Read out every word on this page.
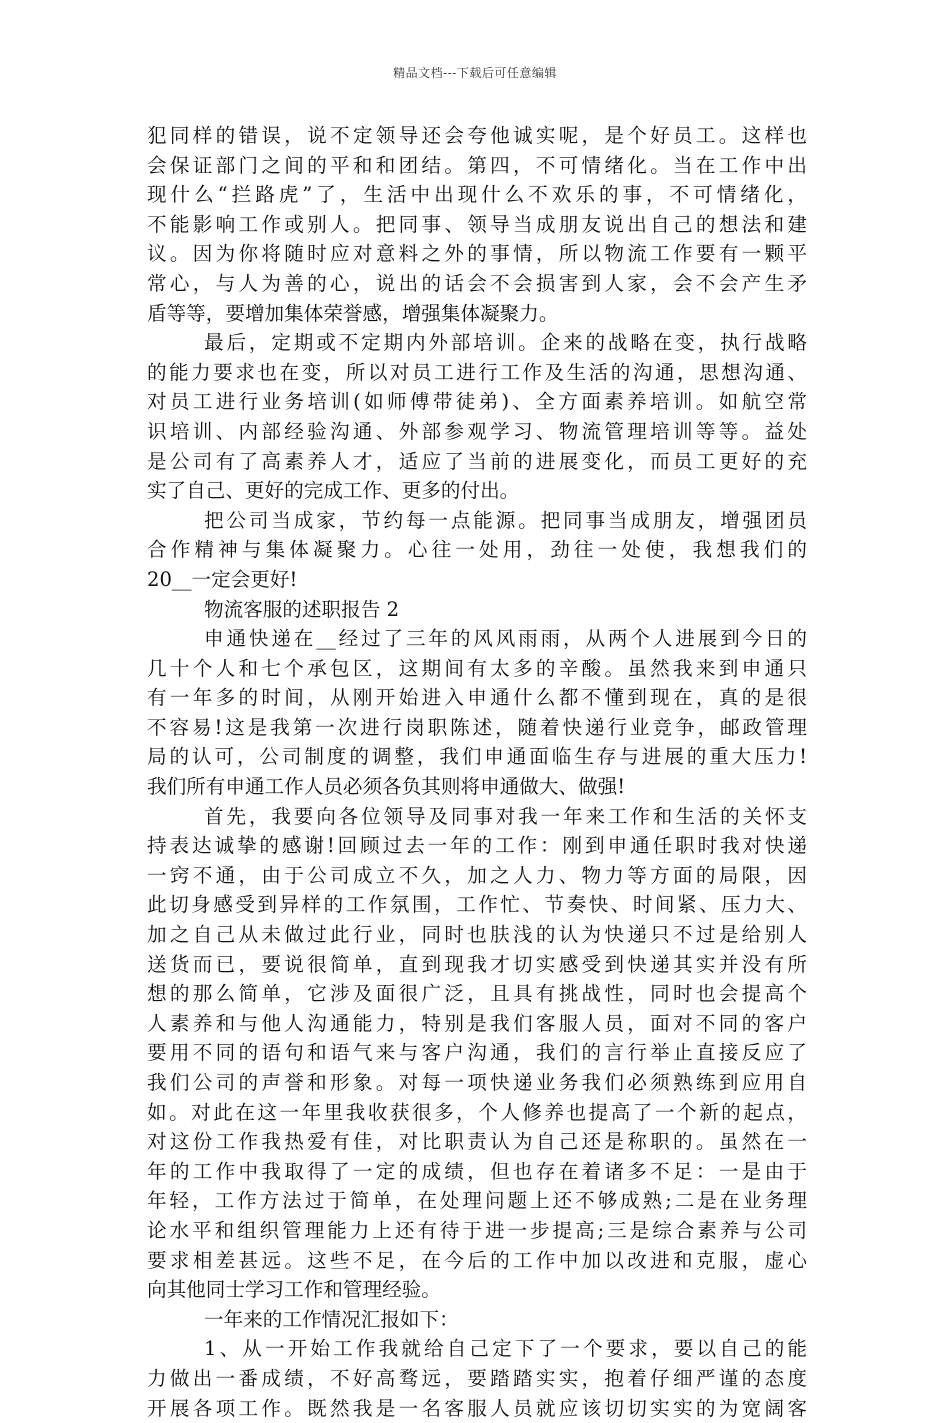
精品文档---下载后可任意编辑
犯同样的错误，说不定领导还会夸他诚实呢，是个好员工。这样也
会保证部门之间的平和和团结。第四，不可情绪化。当在工作中出
现什么“拦路虎”了，生活中出现什么不欢乐的事，不可情绪化，
不能影响工作或别人。把同事、领导当成朋友说出自己的想法和建
议。因为你将随时应对意料之外的事情，所以物流工作要有一颗平
常心，与人为善的心，说出的话会不会损害到人家，会不会产生矛
盾等等，要增加集体荣誉感，增强集体凝聚力。
最后，定期或不定期内外部培训。企来的战略在变，执行战略
的能力要求也在变，所以对员工进行工作及生活的沟通，思想沟通、
对员工进行业务培训(如师傅带徒弟)、全方面素养培训。如航空常
识培训、内部经验沟通、外部参观学习、物流管理培训等等。益处
是公司有了高素养人才，适应了当前的进展变化，而员工更好的充
实了自己、更好的完成工作、更多的付出。
把公司当成家，节约每一点能源。把同事当成朋友，增强团员
合作精神与集体凝聚力。心往一处用，劲往一处使，我想我们的
20__一定会更好!
物流客服的述职报告 2
申通快递在__经过了三年的风风雨雨，从两个人进展到今日的
几十个人和七个承包区，这期间有太多的辛酸。虽然我来到申通只
有一年多的时间，从刚开始进入申通什么都不懂到现在，真的是很
不容易!这是我第一次进行岗职陈述，随着快递行业竞争，邮政管理
局的认可，公司制度的调整，我们申通面临生存与进展的重大压力!
我们所有申通工作人员必须各负其则将申通做大、做强!
首先，我要向各位领导及同事对我一年来工作和生活的关怀支
持表达诚挚的感谢!回顾过去一年的工作：刚到申通任职时我对快递
一窍不通，由于公司成立不久，加之人力、物力等方面的局限，因
此切身感受到异样的工作氛围，工作忙、节奏快、时间紧、压力大、
加之自己从未做过此行业，同时也肤浅的认为快递只不过是给别人
送货而已，要说很简单，直到现我才切实感受到快递其实并没有所
想的那么简单，它涉及面很广泛，且具有挑战性，同时也会提高个
人素养和与他人沟通能力，特别是我们客服人员，面对不同的客户
要用不同的语句和语气来与客户沟通，我们的言行举止直接反应了
我们公司的声誉和形象。对每一项快递业务我们必须熟练到应用自
如。对此在这一年里我收获很多，个人修养也提高了一个新的起点，
对这份工作我热爱有佳，对比职责认为自己还是称职的。虽然在一
年的工作中我取得了一定的成绩，但也存在着诸多不足：一是由于
年轻，工作方法过于简单，在处理问题上还不够成熟;二是在业务理
论水平和组织管理能力上还有待于进一步提高;三是综合素养与公司
要求相差甚远。这些不足，在今后的工作中加以改进和克服，虚心
向其他同士学习工作和管理经验。
一年来的工作情况汇报如下：
1、从一开始工作我就给自己定下了一个要求，要以自己的能
力做出一番成绩，不好高骛远，要踏踏实实，抱着仔细严谨的态度
开展各项工作。既然我是一名客服人员就应该切切实实的为宽阔客
